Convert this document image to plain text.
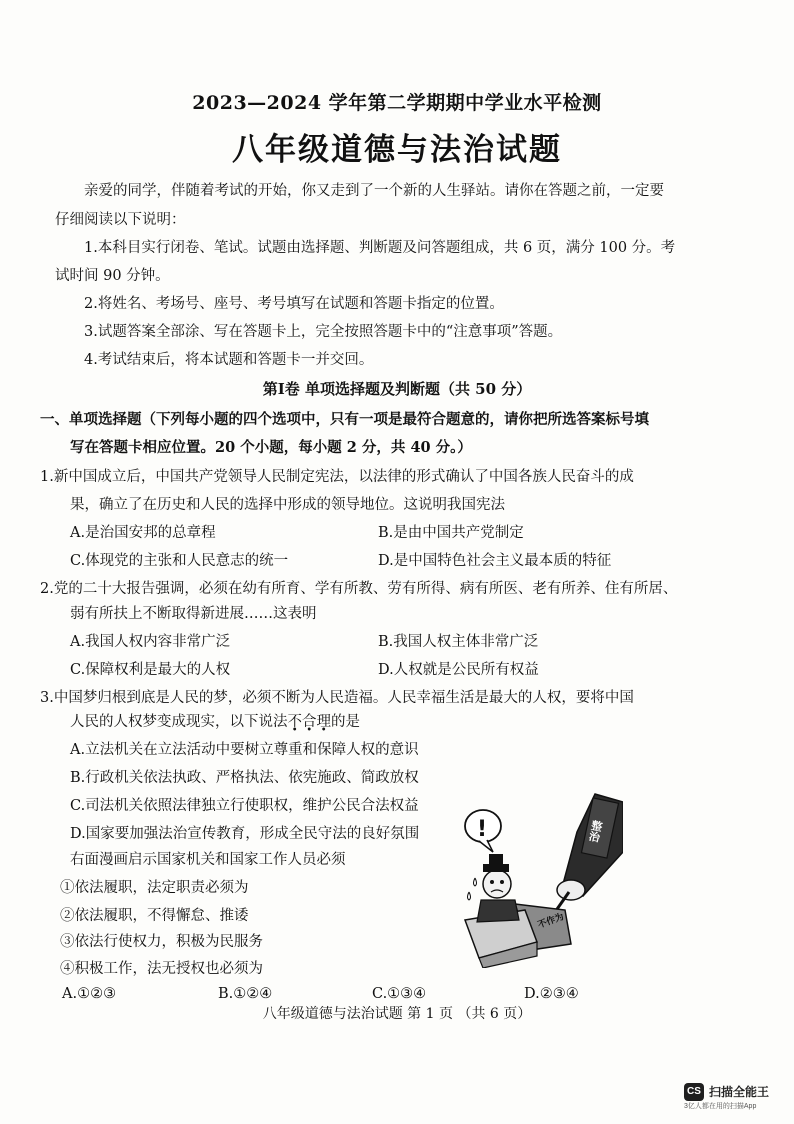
2023—2024 学年第二学期期中学业水平检测
八年级道德与法治试题
亲爱的同学，伴随着考试的开始，你又走到了一个新的人生驿站。请你在答题之前，一定要
仔细阅读以下说明：
1.本科目实行闭卷、笔试。试题由选择题、判断题及问答题组成，共 6 页，满分 100 分。考
试时间 90 分钟。
2.将姓名、考场号、座号、考号填写在试题和答题卡指定的位置。
3.试题答案全部涂、写在答题卡上，完全按照答题卡中的“注意事项”答题。
4.考试结束后，将本试题和答题卡一并交回。
第Ⅰ卷 单项选择题及判断题（共 50 分）
一、单项选择题（下列每小题的四个选项中，只有一项是最符合题意的，请你把所选答案标号填
写在答题卡相应位置。20 个小题，每小题 2 分，共 40 分。）
1.新中国成立后，中国共产党领导人民制定宪法，以法律的形式确认了中国各族人民奋斗的成
果，确立了在历史和人民的选择中形成的领导地位。这说明我国宪法
A.是治国安邦的总章程	B.是由中国共产党制定
C.体现党的主张和人民意志的统一	D.是中国特色社会主义最本质的特征
2.党的二十大报告强调，必须在幼有所育、学有所教、劳有所得、病有所医、老有所养、住有所居、
弱有所扶上不断取得新进展……这表明
A.我国人权内容非常广泛	B.我国人权主体非常广泛
C.保障权利是最大的人权	D.人权就是公民所有权益
3.中国梦归根到底是人民的梦，必须不断为人民造福。人民幸福生活是最大的人权，要将中国
人民的人权梦变成现实，以下说法不合理的是
A.立法机关在立法活动中要树立尊重和保障人权的意识
B.行政机关依法执政、严格执法、依宪施政、简政放权
C.司法机关依照法律独立行使职权，维护公民合法权益
D.国家要加强法治宣传教育，形成全民守法的良好氛围
右面漫画启示国家机关和国家工作人员必须
①依法履职，法定职责必须为
②依法履职，不得懈怠、推诿
③依法行使权力，积极为民服务
④积极工作，法无授权也必须为
A.①②③	B.①②④	C.①③④	D.②③④
整治
不作为
!
八年级道德与法治试题 第 1 页 （共 6 页）
CS 扫描全能王
3亿人都在用的扫描App
